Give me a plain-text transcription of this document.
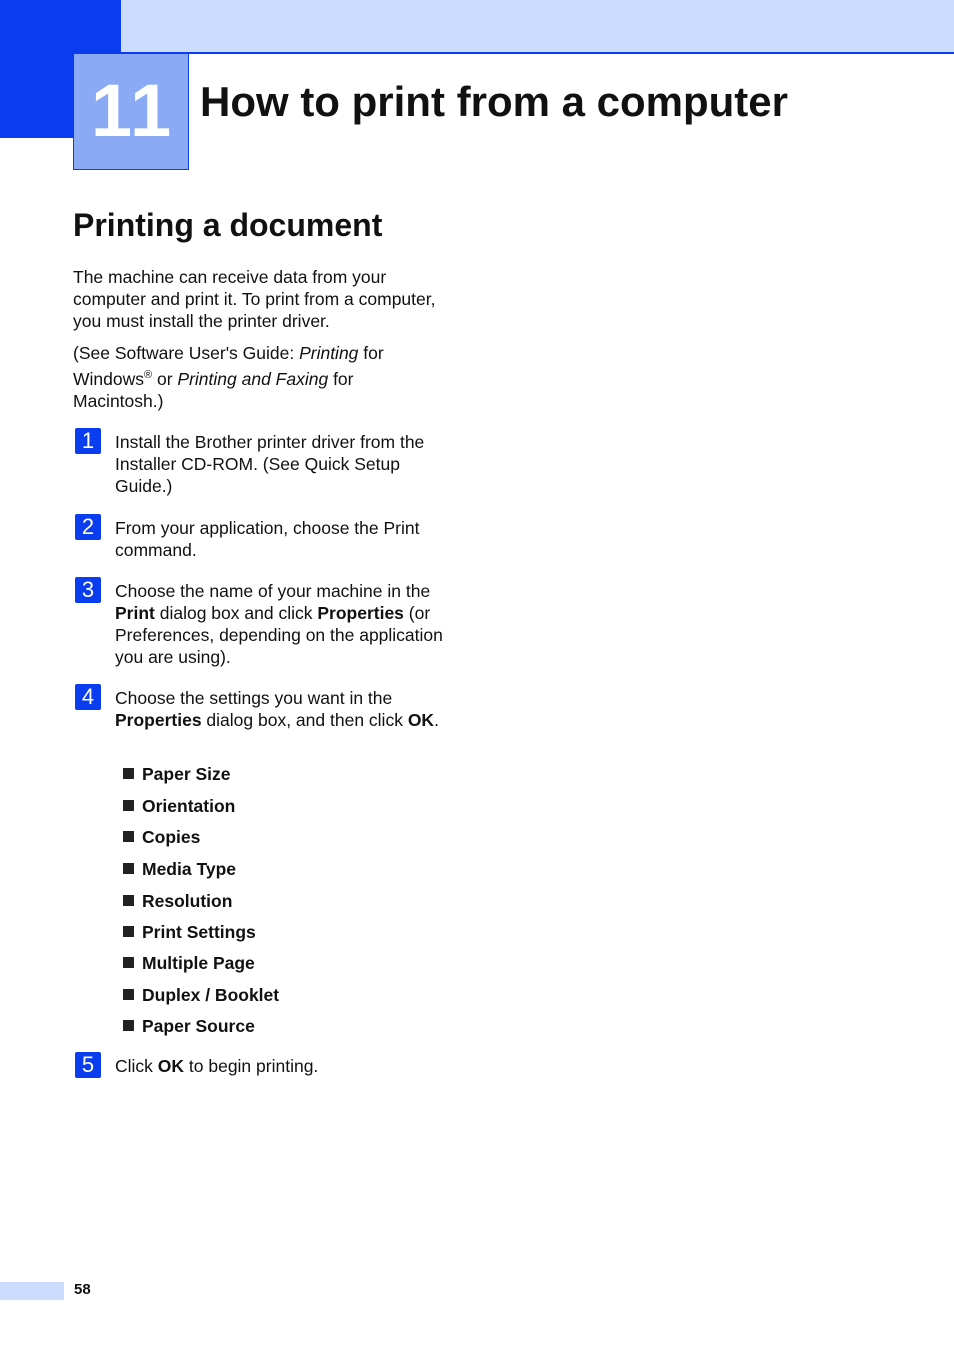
11 How to print from a computer
Printing a document

The machine can receive data from your computer and print it. To print from a computer, you must install the printer driver.

(See Software User's Guide: Printing for Windows® or Printing and Faxing for Macintosh.)

1	Install the Brother printer driver from the Installer CD-ROM. (See Quick Setup Guide.)

2	From your application, choose the Print command.

3	Choose the name of your machine in the Print dialog box and click Properties (or Preferences, depending on the application you are using).

4	Choose the settings you want in the Properties dialog box, and then click OK.

Paper Size
Orientation
Copies
Media Type
Resolution
Print Settings
Multiple Page
Duplex / Booklet
Paper Source
5	Click OK to begin printing.

58
